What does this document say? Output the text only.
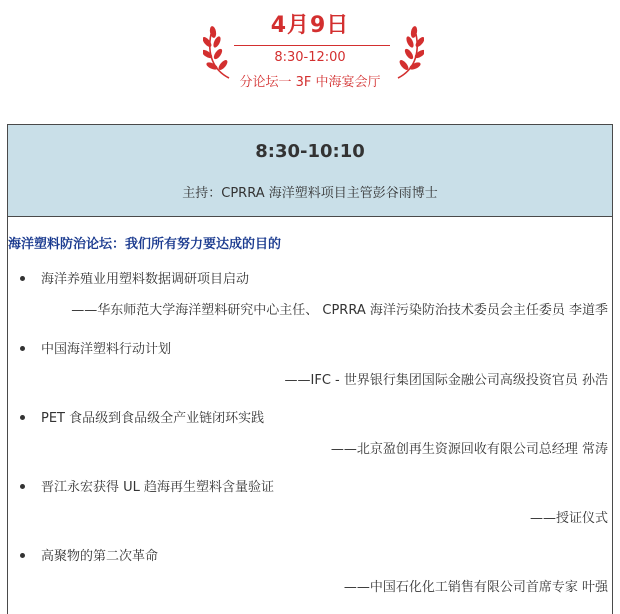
4月9日
8:30-12:00
分论坛一 3F 中海宴会厅
8:30-10:10
主持：CPRRA 海洋塑料项目主管彭谷雨博士
海洋塑料防治论坛：我们所有努力要达成的目的
海洋养殖业用塑料数据调研项目启动
——华东师范大学海洋塑料研究中心主任、 CPRRA 海洋污染防治技术委员会主任委员 李道季
中国海洋塑料行动计划
——IFC - 世界银行集团国际金融公司高级投资官员 孙浩
PET 食品级到食品级全产业链闭环实践
——北京盈创再生资源回收有限公司总经理 常涛
晋江永宏获得 UL 趋海再生塑料含量验证
——授证仪式
高聚物的第二次革命
——中国石化化工销售有限公司首席专家 叶强
